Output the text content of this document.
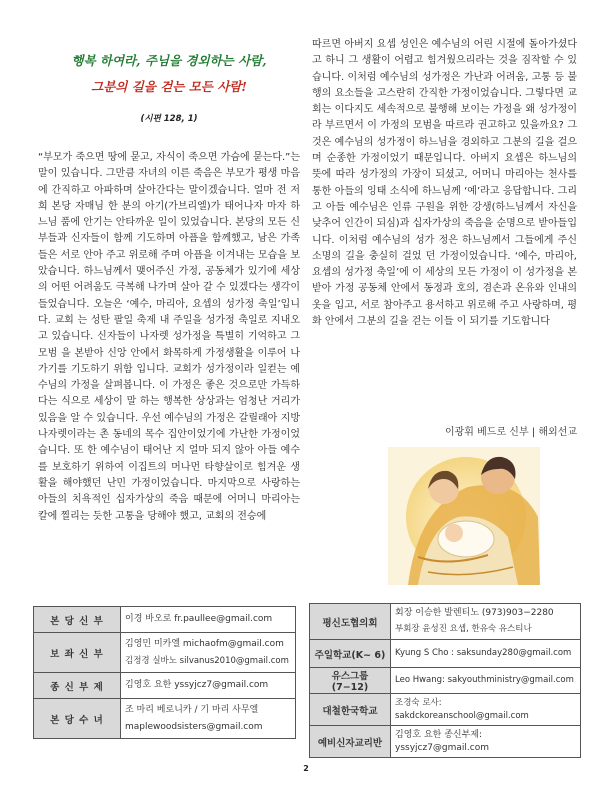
행복 하여라, 주님을 경외하는 사람,
그분의 길을 걷는 모든 사람!
(시편 128, 1)

“부모가 죽으면 땅에 묻고, 자식이 죽으면 가슴에 묻는다.”는 말이 있습니다. 그만큼 자녀의 이른 죽음은 부모가 평생 마음에 간직하고 아파하며 살아간다는 말이겠습니다. 얼마 전 저희 본당 자매님 한 분의 아기(가브리엘)가 태어나자 마자 하느님 품에 안기는 안타까운 일이 있었습니다. 본당의 모든 신부들과 신자들이 함께 기도하며 아픔을 함께했고, 남은 가족들은 서로 안아 주고 위로해 주며 아픔을 이겨내는 모습을 보았습니다. 하느님께서 맺어주신 가정, 공동체가 있기에 세상의 어떤 어려움도 극복해 나가며 살아 갈 수 있겠다는 생각이 들었습니다. 오늘은 ‘예수, 마리아, 요셉의 성가정 축일’입니다. 교회 는 성탄 팔일 축제 내 주일을 성가정 축일로 지내오고 있습니다. 신자들이 나자렛 성가정을 특별히 기억하고 그 모범 을 본받아 신앙 안에서 화목하게 가정생활을 이루어 나가기를 기도하기 위함 입니다. 교회가 성가정이라 일컫는 예수님의 가정을 살펴봅니다. 이 가정은 좋은 것으로만 가득하다는 식으로 세상이 말 하는 행복한 상상과는 엄청난 거리가 있음을 알 수 있습니다. 우선 예수님의 가정은 갈릴래아 지방 나자렛이라는 촌 동네의 목수 집안이었기에 가난한 가정이었습니다. 또 한 예수님이 태어난 지 얼마 되지 않아 아들 예수를 보호하기 위하여 이집트의 머나먼 타향살이로 힘겨운 생활을 해야했던 난민 가정이었습니다. 마지막으로 사랑하는 아들의 치욕적인 십자가상의 죽음 때문에 어머니 마리아는 칼에 찔리는 듯한 고통을 당해야 했고, 교회의 전승에

따르면 아버지 요셉 성인은 예수님의 어린 시절에 돌아가셨다고 하니 그 생활이 어렵고 힘겨웠으리라는 것을 짐작할 수 있 습니다. 이처럼 예수님의 성가정은 가난과 어려움, 고통 등 불행의 요소들을 고스란히 간직한 가정이었습니다. 그렇다면 교회는 이다지도 세속적으로 불행해 보이는 가정을 왜 성가정이라 부르면서 이 가정의 모범을 따르라 권고하고 있을까요? 그것은 예수님의 성가정이 하느님을 경외하고 그분의 길을 걸으며 순종한 가정이었기 때문입니다. 아버지 요셉은 하느님의 뜻에 따라 성가정의 가장이 되셨고, 어머니 마리아는 천사를 통한 아들의 잉태 소식에 하느님께 ‘예’라고 응답합니다. 그리고 아들 예수님은 인류 구원을 위한 강생(하느님께서 자신을 낮추어 인간이 되심)과 십자가상의 죽음을 순명으로 받아들입니다. 이처럼 예수님의 성가 정은 하느님께서 그들에게 주신 소명의 길을 충실히 걸었 던 가정이었습니다. ‘예수, 마리아, 요셉의 성가정 축일’에 이 세상의 모든 가정이 이 성가정을 본받아 가정 공동체 안에서 동정과 호의, 겸손과 온유와 인내의 옷을 입고, 서로 참아주고 용서하고 위로해 주고 사랑하며, 평화 안에서 그분의 길을 걷는 이들 이 되기를 기도합니다

이광휘 베드로 신부 | 해외선교
본 당 신 부	이경 바오로 fr.paullee@gmail.com

보 좌 신 부	김영민 미카엘 michaofm@gmail.com
김정경 실바노 silvanus2010@gmail.com

종 신 부 제	김영호 요한 yssyjcz7@gmail.com

본 당 수 녀	조 마리 베로니카 / 기 마리 사무엘
maplewoodsisters@gmail.com
평신도협의회	회장 이승한 발렌티노 (973)903−2280
부회장 윤성진 요셉, 한유숙 유스티나

주일학교(K~ 6)	Kyung S Cho : saksunday280@gmail.com

유스그룹(7−12)	Leo Hwang: sakyouthministry@gmail.com

대철한국학교	조경숙 로사:
sakdckoreanschool@gmail.com

예비신자교리반	김영호 요한 종신부제:
yssyjcz7@gmail.com
2
